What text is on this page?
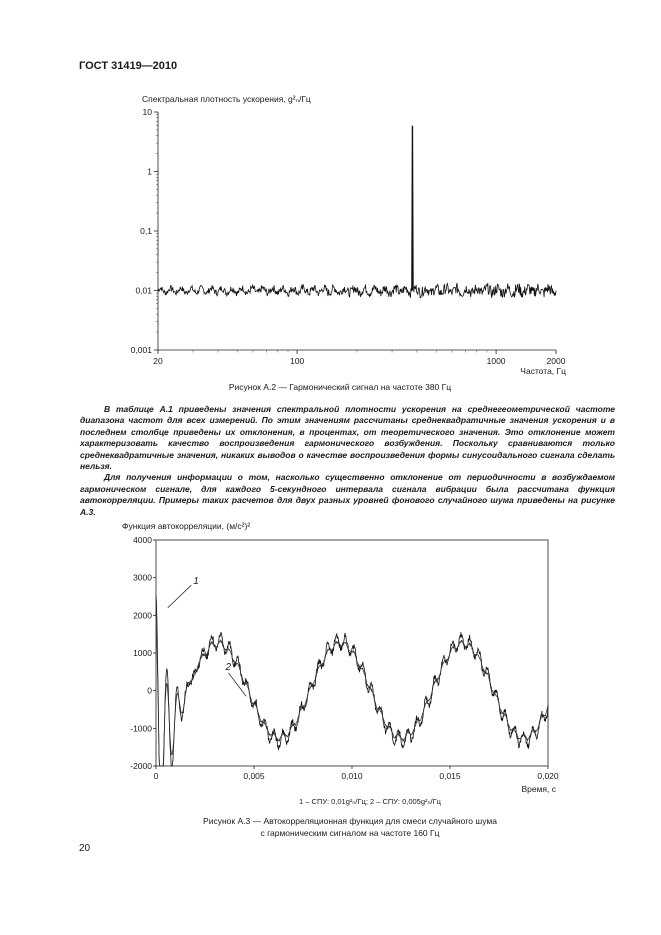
ГОСТ 31419—2010
Спектральная плотность ускорения, g²ₙ/Гц
10
1
0,1
0,01
0,001
20	100	1000	2000
Частота, Гц
Рисунок А.2 — Гармонический сигнал на частоте 380 Гц

В таблице А.1 приведены значения спектральной плотности ускорения на среднегеометрической частоте диапазона частот для всех измерений. По этим значениям рассчитаны среднеквадратичные значения ускорения и в последнем столбце приведены их отклонения, в процентах, от теоретического значения. Это отклонение может характеризовать качество воспроизведения гармонического возбуждения. Поскольку сравниваются только среднеквадратичные значения, никаких выводов о качестве воспроизведения формы синусоидального сигнала сделать нельзя.

Для получения информации о том, насколько существенно отклонение от периодичности в возбуждаемом гармоническом сигнале, для каждого 5-секундного интервала сигнала вибрации была рассчитана функция автокорреляции. Примеры таких расчетов для двух разных уровней фонового случайного шума приведены на рисунке А.3.

Функция автокорреляции, (м/с²)²
4000
3000
2000
1000
0
-1000
-2000
0	0,005	0,010	0,015	0,020
Время, с
1
2
1 – СПУ: 0,01g²ₙ/Гц; 2 – СПУ: 0,005g²ₙ/Гц
Рисунок А.3 — Автокорреляционная функция для смеси случайного шума
с гармоническим сигналом на частоте 160 Гц
20
